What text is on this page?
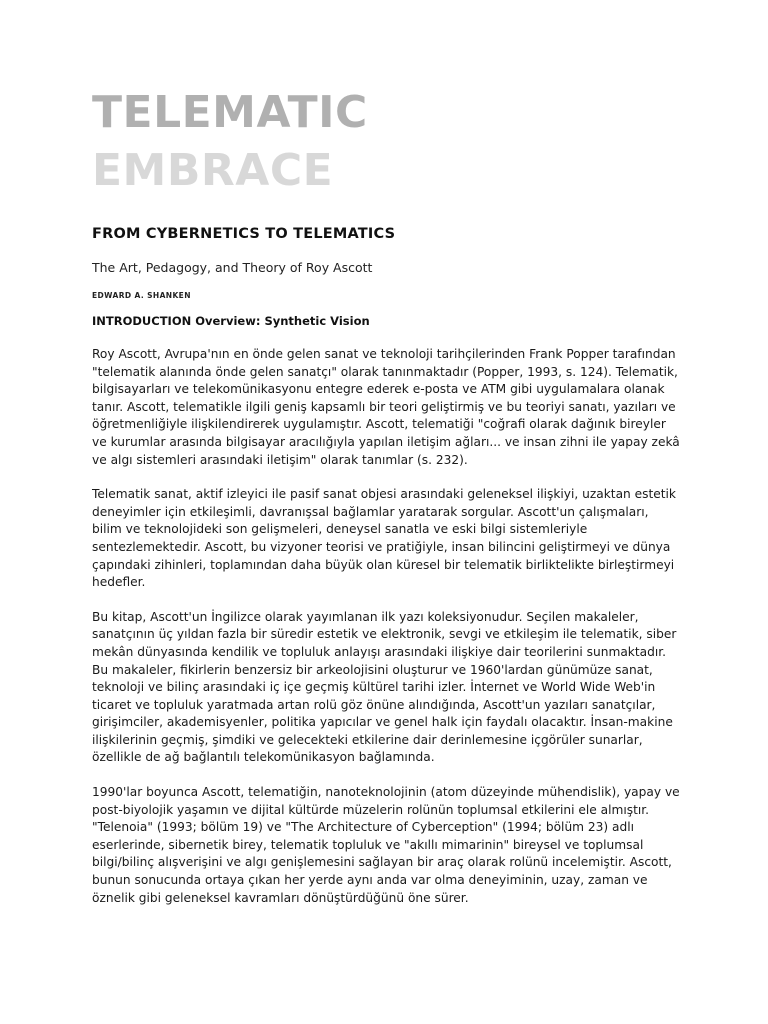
TELEMATIC
EMBRACE
FROM CYBERNETICS TO TELEMATICS

The Art, Pedagogy, and Theory of Roy Ascott

EDWARD A. SHANKEN

INTRODUCTION Overview: Synthetic Vision

Roy Ascott, Avrupa'nın en önde gelen sanat ve teknoloji tarihçilerinden Frank Popper tarafından "telematik alanında önde gelen sanatçı" olarak tanınmaktadır (Popper, 1993, s. 124). Telematik, bilgisayarları ve telekomünikasyonu entegre ederek e-posta ve ATM gibi uygulamalara olanak tanır. Ascott, telematikle ilgili geniş kapsamlı bir teori geliştirmiş ve bu teoriyi sanatı, yazıları ve öğretmenliğiyle ilişkilendirerek uygulamıştır. Ascott, telematiği "coğrafi olarak dağınık bireyler ve kurumlar arasında bilgisayar aracılığıyla yapılan iletişim ağları... ve insan zihni ile yapay zekâ ve algı sistemleri arasındaki iletişim" olarak tanımlar (s. 232).

Telematik sanat, aktif izleyici ile pasif sanat objesi arasındaki geleneksel ilişkiyi, uzaktan estetik deneyimler için etkileşimli, davranışsal bağlamlar yaratarak sorgular. Ascott'un çalışmaları, bilim ve teknolojideki son gelişmeleri, deneysel sanatla ve eski bilgi sistemleriyle sentezlemektedir. Ascott, bu vizyoner teorisi ve pratiğiyle, insan bilincini geliştirmeyi ve dünya çapındaki zihinleri, toplamından daha büyük olan küresel bir telematik birliktelikte birleştirmeyi hedefler.

Bu kitap, Ascott'un İngilizce olarak yayımlanan ilk yazı koleksiyonudur. Seçilen makaleler, sanatçının üç yıldan fazla bir süredir estetik ve elektronik, sevgi ve etkileşim ile telematik, siber mekân dünyasında kendilik ve topluluk anlayışı arasındaki ilişkiye dair teorilerini sunmaktadır. Bu makaleler, fikirlerin benzersiz bir arkeolojisini oluşturur ve 1960'lardan günümüze sanat, teknoloji ve bilinç arasındaki iç içe geçmiş kültürel tarihi izler. İnternet ve World Wide Web'in ticaret ve topluluk yaratmada artan rolü göz önüne alındığında, Ascott'un yazıları sanatçılar, girişimciler, akademisyenler, politika yapıcılar ve genel halk için faydalı olacaktır. İnsan-makine ilişkilerinin geçmiş, şimdiki ve gelecekteki etkilerine dair derinlemesine içgörüler sunarlar, özellikle de ağ bağlantılı telekomünikasyon bağlamında.

1990'lar boyunca Ascott, telematiğin, nanoteknolojinin (atom düzeyinde mühendislik), yapay ve post-biyolojik yaşamın ve dijital kültürde müzelerin rolünün toplumsal etkilerini ele almıştır. "Telenoia" (1993; bölüm 19) ve "The Architecture of Cyberception" (1994; bölüm 23) adlı eserlerinde, sibernetik birey, telematik topluluk ve "akıllı mimarinin" bireysel ve toplumsal bilgi/bilinç alışverişini ve algı genişlemesini sağlayan bir araç olarak rolünü incelemiştir. Ascott, bunun sonucunda ortaya çıkan her yerde aynı anda var olma deneyiminin, uzay, zaman ve öznelik gibi geleneksel kavramları dönüştürdüğünü öne sürer.
